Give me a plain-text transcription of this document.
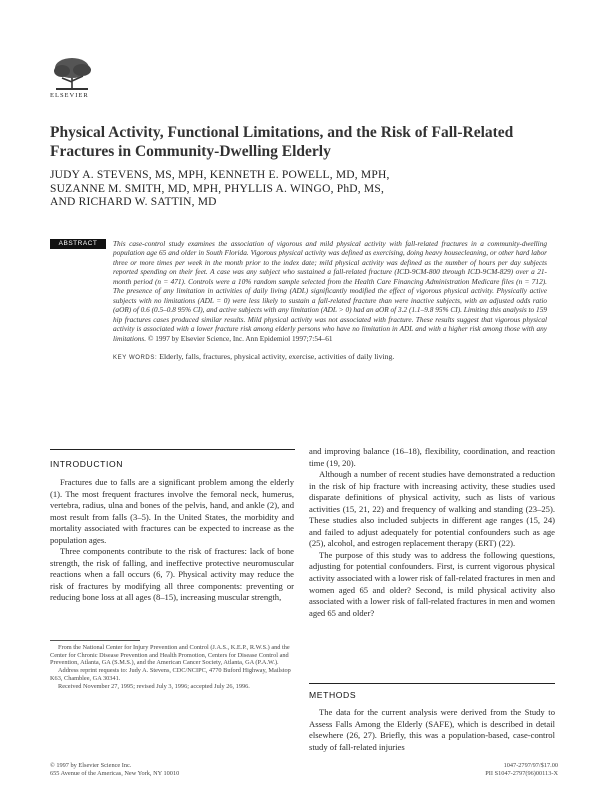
ELSEVIER
Physical Activity, Functional Limitations, and the Risk of Fall-Related Fractures in Community-Dwelling Elderly
JUDY A. STEVENS, MS, MPH, KENNETH E. POWELL, MD, MPH,
SUZANNE M. SMITH, MD, MPH, PHYLLIS A. WINGO, PhD, MS,
AND RICHARD W. SATTIN, MD
ABSTRACT	This case-control study examines the association of vigorous and mild physical activity with fall-related fractures in a community-dwelling population age 65 and older in South Florida. Vigorous physical activity was defined as exercising, doing heavy housecleaning, or other hard labor three or more times per week in the month prior to the index date; mild physical activity was defined as the number of hours per day subjects reported spending on their feet. A case was any subject who sustained a fall-related fracture (ICD-9CM-800 through ICD-9CM-829) over a 21-month period (n = 471). Controls were a 10% random sample selected from the Health Care Financing Administration Medicare files (n = 712). The presence of any limitation in activities of daily living (ADL) significantly modified the effect of vigorous physical activity. Physically active subjects with no limitations (ADL = 0) were less likely to sustain a fall-related fracture than were inactive subjects, with an adjusted odds ratio (aOR) of 0.6 (0.5–0.8 95% CI), and active subjects with any limitation (ADL > 0) had an aOR of 3.2 (1.1–9.8 95% CI). Limiting this analysis to 159 hip fractures cases produced similar results. Mild physical activity was not associated with fracture. These results suggest that vigorous physical activity is associated with a lower fracture risk among elderly persons who have no limitation in ADL and with a higher risk among those with any limitations. © 1997 by Elsevier Science, Inc. Ann Epidemiol 1997;7:54–61
KEY WORDS: Elderly, falls, fractures, physical activity, exercise, activities of daily living.
INTRODUCTION

Fractures due to falls are a significant problem among the elderly (1). The most frequent fractures involve the femoral neck, humerus, vertebra, radius, ulna and bones of the pelvis, hand, and ankle (2), and most result from falls (3–5). In the United States, the morbidity and mortality associated with fractures can be expected to increase as the population ages.

Three components contribute to the risk of fractures: lack of bone strength, the risk of falling, and ineffective protective neuromuscular reactions when a fall occurs (6, 7). Physical activity may reduce the risk of fractures by modifying all three components: preventing or reducing bone loss at all ages (8–15), increasing muscular strength,

and improving balance (16–18), flexibility, coordination, and reaction time (19, 20).

Although a number of recent studies have demonstrated a reduction in the risk of hip fracture with increasing activity, these studies used disparate definitions of physical activity, such as lists of various activities (15, 21, 22) and frequency of walking and standing (23–25). These studies also included subjects in different age ranges (15, 24) and failed to adjust adequately for potential confounders such as age (25), alcohol, and estrogen replacement therapy (ERT) (22).

The purpose of this study was to address the following questions, adjusting for potential confounders. First, is current vigorous physical activity associated with a lower risk of fall-related fractures in men and women aged 65 and older? Second, is mild physical activity also associated with a lower risk of fall-related fractures in men and women aged 65 and older?

METHODS

The data for the current analysis were derived from the Study to Assess Falls Among the Elderly (SAFE), which is described in detail elsewhere (26, 27). Briefly, this was a population-based, case-control study of fall-related injuries

From the National Center for Injury Prevention and Control (J.A.S., K.E.P., R.W.S.) and the Center for Chronic Disease Prevention and Health Promotion, Centers for Disease Control and Prevention, Atlanta, GA (S.M.S.), and the American Cancer Society, Atlanta, GA (P.A.W.).

Address reprint requests to: Judy A. Stevens, CDC/NCIPC, 4770 Buford Highway, Mailstop K63, Chamblee, GA 30341.

Received November 27, 1995; revised July 3, 1996; accepted July 26, 1996.

© 1997 by Elsevier Science Inc.
655 Avenue of the Americas, New York, NY 10010
1047-2797/97/$17.00
PII S1047-2797(96)00113-X
